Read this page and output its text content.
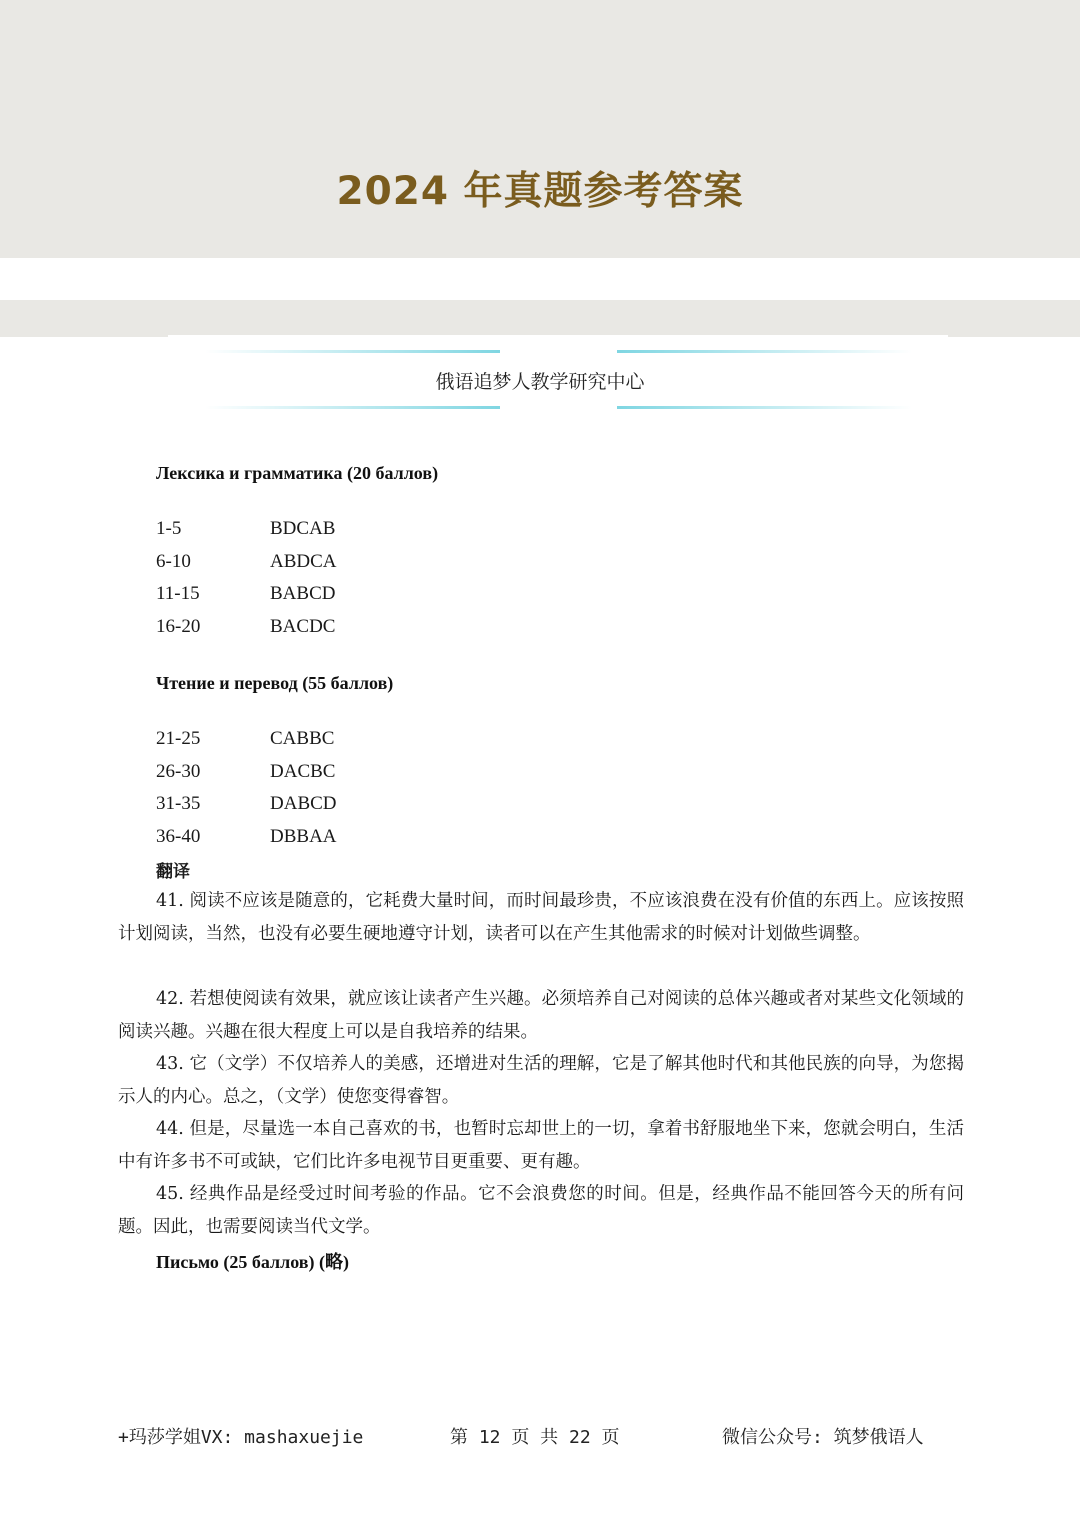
2024 年真题参考答案
俄语追梦人教学研究中心
Лексика и грамматика (20 баллов)
1-5	BDCAB
6-10	ABDCA
11-15	BABCD
16-20	BACDC
Чтение и перевод (55 баллов)
21-25	CABBC
26-30	DACBC
31-35	DABCD
36-40	DBBAA
翻译

41. 阅读不应该是随意的，它耗费大量时间，而时间最珍贵，不应该浪费在没有价值的东西上。应该按照计划阅读，当然，也没有必要生硬地遵守计划，读者可以在产生其他需求的时候对计划做些调整。

42. 若想使阅读有效果，就应该让读者产生兴趣。必须培养自己对阅读的总体兴趣或者对某些文化领域的阅读兴趣。兴趣在很大程度上可以是自我培养的结果。

43. 它（文学）不仅培养人的美感，还增进对生活的理解，它是了解其他时代和其他民族的向导，为您揭示人的内心。总之，（文学）使您变得睿智。

44. 但是，尽量选一本自己喜欢的书，也暂时忘却世上的一切，拿着书舒服地坐下来，您就会明白，生活中有许多书不可或缺，它们比许多电视节目更重要、更有趣。

45. 经典作品是经受过时间考验的作品。它不会浪费您的时间。但是，经典作品不能回答今天的所有问题。因此，也需要阅读当代文学。

Письмо (25 баллов) (略)
+玛莎学姐VX: mashaxuejie	第 12 页 共 22 页	微信公众号: 筑梦俄语人
